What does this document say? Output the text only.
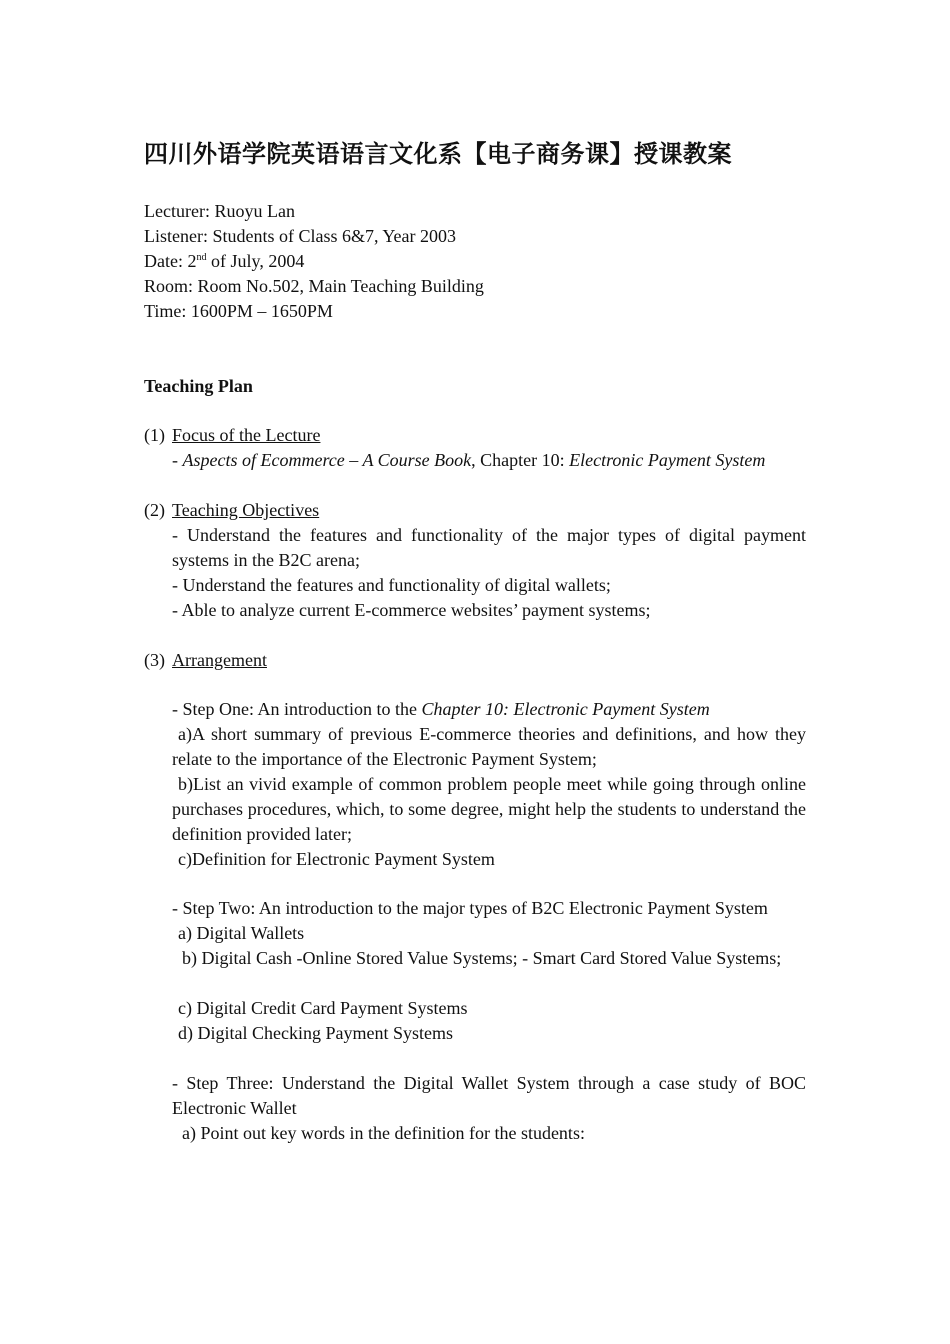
四川外语学院英语语言文化系【电子商务课】授课教案
Lecturer: Ruoyu Lan
Listener: Students of Class 6&7, Year 2003
Date: 2nd of July, 2004
Room: Room No.502, Main Teaching Building
Time: 1600PM – 1650PM
Teaching Plan
(1) Focus of the Lecture
- Aspects of Ecommerce – A Course Book, Chapter 10: Electronic Payment System
(2) Teaching Objectives
- Understand the features and functionality of the major types of digital payment systems in the B2C arena;
- Understand the features and functionality of digital wallets;
- Able to analyze current E-commerce websites’ payment systems;
(3) Arrangement
- Step One: An introduction to the Chapter 10: Electronic Payment System
a)A short summary of previous E-commerce theories and definitions, and how they relate to the importance of the Electronic Payment System;
b)List an vivid example of common problem people meet while going through online purchases procedures, which, to some degree, might help the students to understand the definition provided later;
c)Definition for Electronic Payment System
- Step Two: An introduction to the major types of B2C Electronic Payment System
a) Digital Wallets
b) Digital Cash -Online Stored Value Systems; - Smart Card Stored Value Systems;
c) Digital Credit Card Payment Systems
d) Digital Checking Payment Systems
- Step Three: Understand the Digital Wallet System through a case study of BOC Electronic Wallet
a) Point out key words in the definition for the students:
